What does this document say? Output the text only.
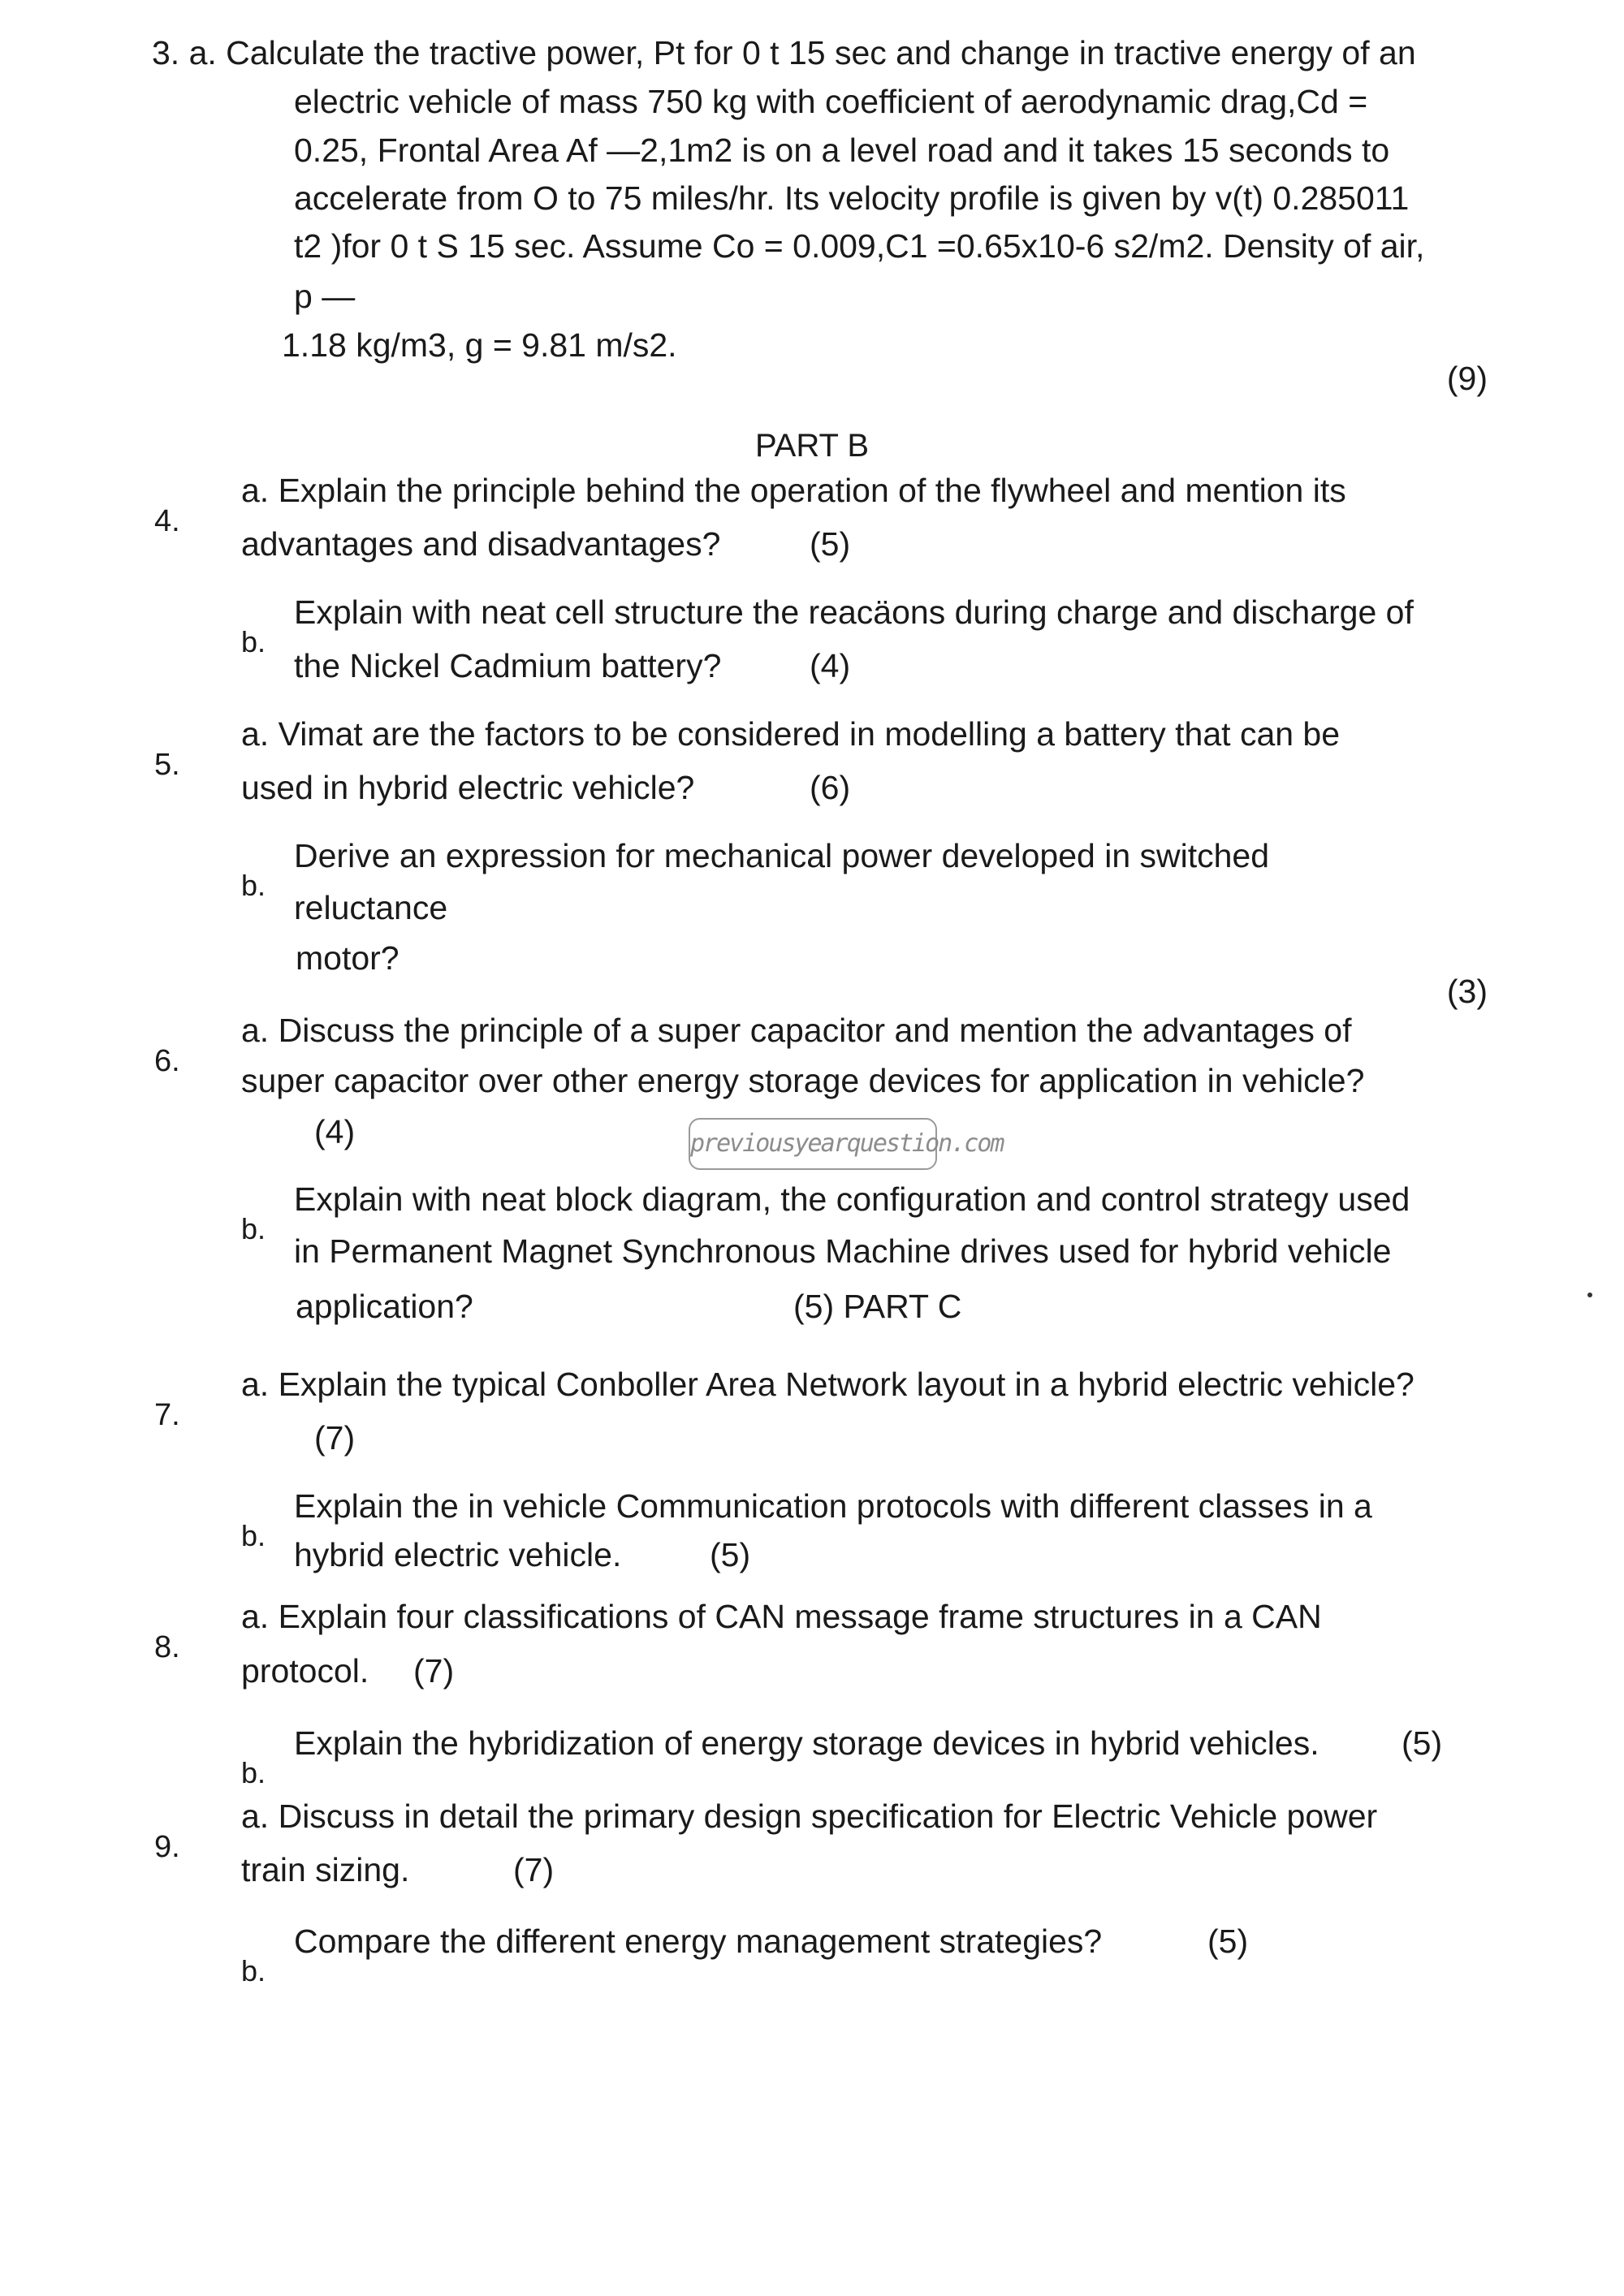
3. a. Calculate the tractive power, Pt for 0 t 15 sec and change in tractive energy of an

electric vehicle of mass 750 kg with coefficient of aerodynamic drag,Cd =

0.25, Frontal Area Af —2,1m2 is on a level road and it takes 15 seconds to

accelerate from O to 75 miles/hr. Its velocity profile is given by v(t) 0.285011

t2 )for 0 t S 15 sec. Assume Co = 0.009,C1 =0.65x10-6 s2/m2. Density of air,

p —

1.18 kg/m3, g = 9.81 m/s2.

(9)

PART B

4.

a. Explain the principle behind the operation of the flywheel and mention its

advantages and disadvantages?	(5)

b.

Explain with neat cell structure the reacäons during charge and discharge of

the Nickel Cadmium battery?	(4)

5.

a. Vimat are the factors to be considered in modelling a battery that can be

used in hybrid electric vehicle?	(6)

b.

Derive an expression for mechanical power developed in switched

reluctance

motor?

(3)

6.

a. Discuss the principle of a super capacitor and mention the advantages of

super capacitor over other energy storage devices for application in vehicle?

(4)

b.

Explain with neat block diagram, the configuration and control strategy used

in Permanent Magnet Synchronous Machine drives used for hybrid vehicle

application?	(5) PART C

7.

a. Explain the typical Conboller Area Network layout in a hybrid electric vehicle?

(7)

b.

Explain the in vehicle Communication protocols with different classes in a

hybrid electric vehicle.	(5)

8.

a. Explain four classifications of CAN message frame structures in a CAN

protocol. (7)

b.

Explain the hybridization of energy storage devices in hybrid vehicles. (5)

9.

a. Discuss in detail the primary design specification for Electric Vehicle power

train sizing.	(7)

b.

Compare the different energy management strategies?	(5)

previousyearquestion.com
